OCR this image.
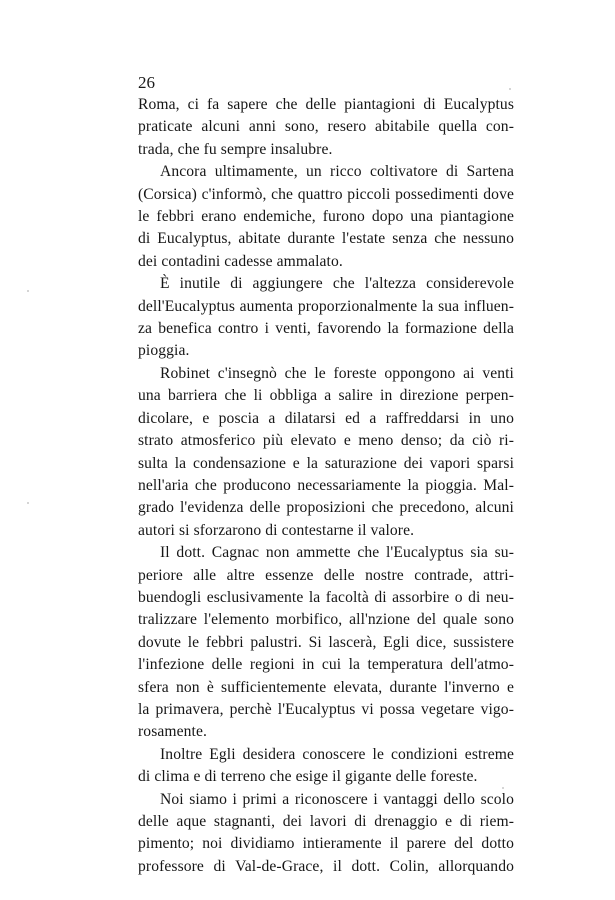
26
Roma, ci fa sapere che delle piantagioni di Eucalyptus
praticate alcuni anni sono, resero abitabile quella con-
trada, che fu sempre insalubre.
Ancora ultimamente, un ricco coltivatore di Sartena
(Corsica) c'informò, che quattro piccoli possedimenti dove
le febbri erano endemiche, furono dopo una piantagione
di Eucalyptus, abitate durante l'estate senza che nessuno
dei contadini cadesse ammalato.
È inutile di aggiungere che l'altezza considerevole
dell'Eucalyptus aumenta proporzionalmente la sua influen-
za benefica contro i venti, favorendo la formazione della
pioggia.
Robinet c'insegnò che le foreste oppongono ai venti
una barriera che li obbliga a salire in direzione perpen-
dicolare, e poscia a dilatarsi ed a raffreddarsi in uno
strato atmosferico più elevato e meno denso; da ciò ri-
sulta la condensazione e la saturazione dei vapori sparsi
nell'aria che producono necessariamente la pioggia. Mal-
grado l'evidenza delle proposizioni che precedono, alcuni
autori si sforzarono di contestarne il valore.
Il dott. Cagnac non ammette che l'Eucalyptus sia su-
periore alle altre essenze delle nostre contrade, attri-
buendogli esclusivamente la facoltà di assorbire o di neu-
tralizzare l'elemento morbifico, all'nzione del quale sono
dovute le febbri palustri. Si lascerà, Egli dice, sussistere
l'infezione delle regioni in cui la temperatura dell'atmo-
sfera non è sufficientemente elevata, durante l'inverno e
la primavera, perchè l'Eucalyptus vi possa vegetare vigo-
rosamente.
Inoltre Egli desidera conoscere le condizioni estreme
di clima e di terreno che esige il gigante delle foreste.
Noi siamo i primi a riconoscere i vantaggi dello scolo
delle aque stagnanti, dei lavori di drenaggio e di riem-
pimento; noi dividiamo intieramente il parere del dotto
professore di Val-de-Grace, il dott. Colin, allorquando
